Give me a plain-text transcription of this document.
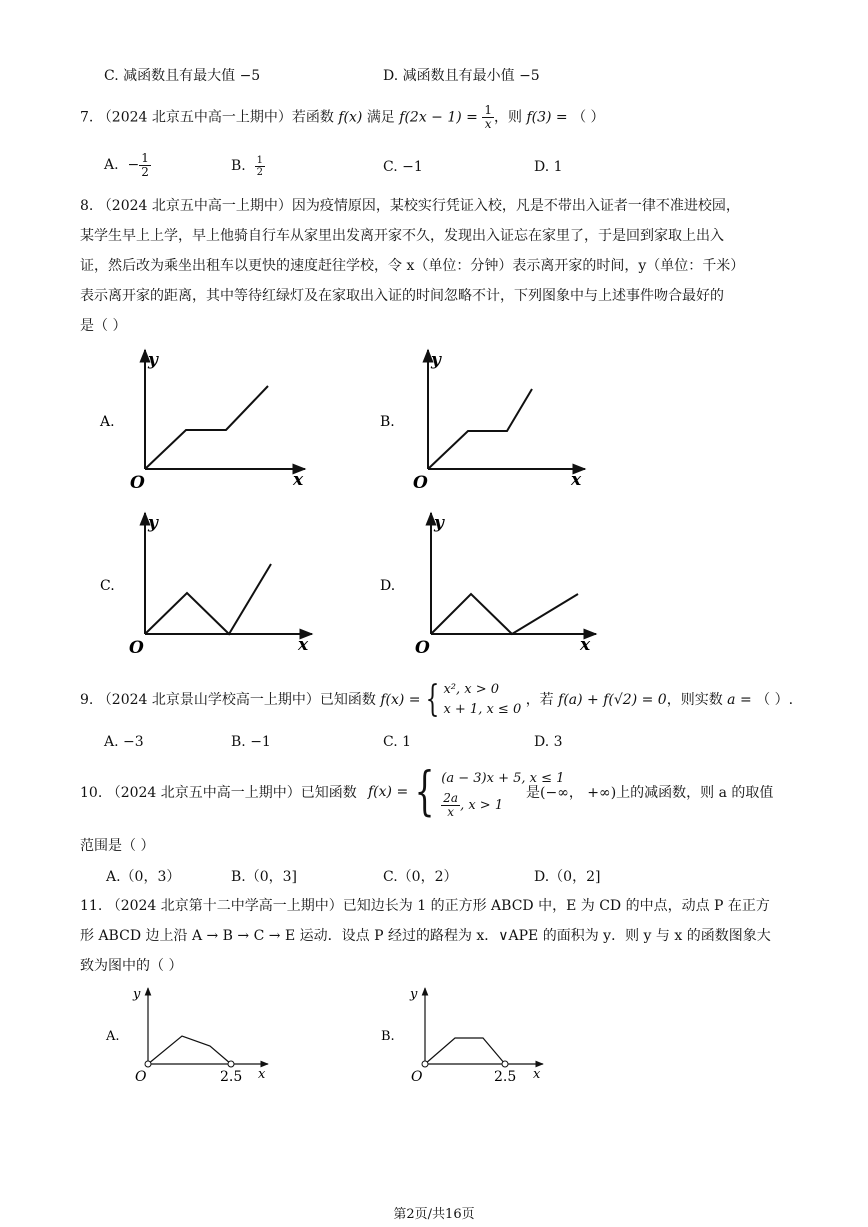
C. 减函数且有最大值 −5	D. 减函数且有最小值 −5
7. （2024 北京五中高一上期中）若函数 f(x) 满足 $f(2x - 1) = \frac{1}{x}$ ，则 f(3) = （ ）
A. − $\frac{1}{2}$	B. $\frac{1}{2}$	C. −1	D. 1
8. （2024 北京五中高一上期中）因为疫情原因，某校实行凭证入校，凡是不带出入证者一律不准进校园，
某学生早上上学，早上他骑自行车从家里出发离开家不久，发现出入证忘在家里了，于是回到家取上出入
证，然后改为乘坐出租车以更快的速度赶往学校，令 x（单位：分钟）表示离开家的时间，y（单位：千米）
表示离开家的距离，其中等待红绿灯及在家取出入证的时间忽略不计，下列图象中与上述事件吻合最好的
是（ ）
A.
y
x
O
B.
y
x
O
C.
y
x
O
D.
y
x
O
A.
y
x
O	2.5
B.
y
x
O	2.5
9. （2024 北京景山学校高一上期中）已知函数 f(x) = { x², x > 0
x + 1, x ≤ 0
，若 f(a) + f(√2) = 0，则实数 a = （ ）.
A. −3	B. −1	C. 1	D. 3
10. （2024 北京五中高一上期中）已知函数 f(x) = { (a − 3)x + 5, x ≤ 1
$\frac{2a}{x}$ , x > 1
是(−∞， +∞)上的减函数，则 a 的取值
范围是（ ）
A.（0，3）	B.（0，3]	C.（0，2）	D.（0，2]
11. （2024 北京第十二中学高一上期中）已知边长为 1 的正方形 ABCD 中，E 为 CD 的中点，动点 P 在正方
形 ABCD 边上沿 A → B → C → E 运动．设点 P 经过的路程为 x．∨APE 的面积为 y．则 y 与 x 的函数图象大
致为图中的（ ）
第2页/共16页
